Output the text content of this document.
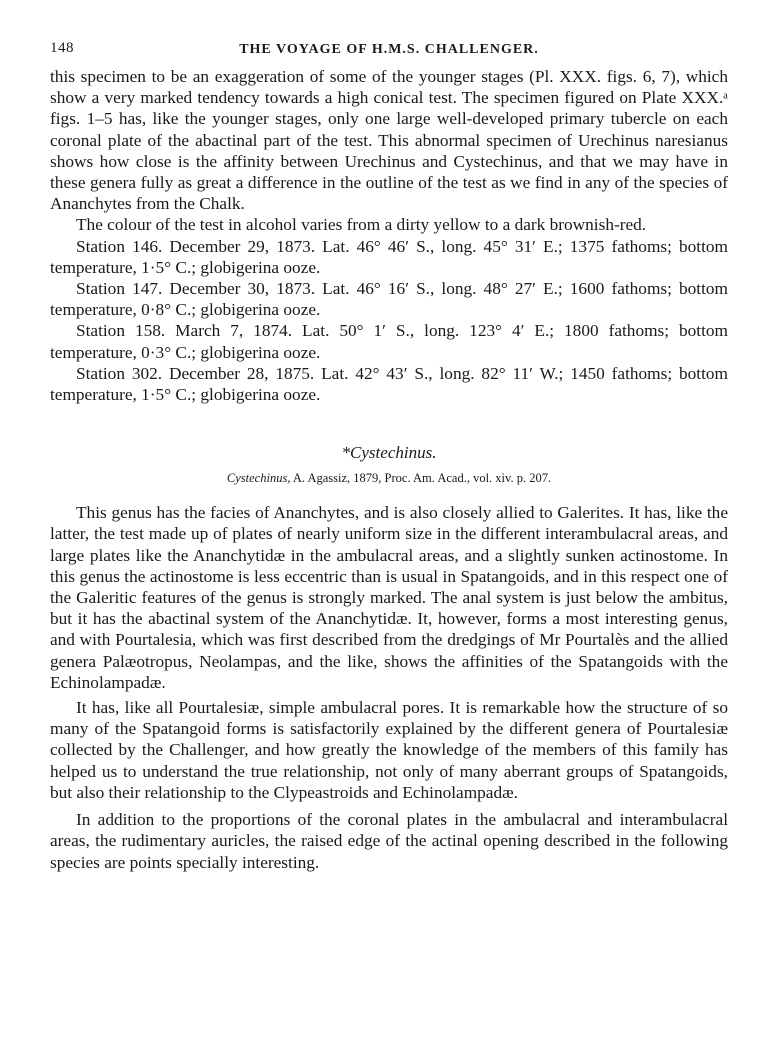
148	THE VOYAGE OF H.M.S. CHALLENGER.

this specimen to be an exaggeration of some of the younger stages (Pl. XXX. figs. 6, 7), which show a very marked tendency towards a high conical test. The specimen figured on Plate XXX.ᵃ figs. 1–5 has, like the younger stages, only one large well-developed primary tubercle on each coronal plate of the abactinal part of the test. This abnormal specimen of Urechinus naresianus shows how close is the affinity between Urechinus and Cystechinus, and that we may have in these genera fully as great a difference in the outline of the test as we find in any of the species of Ananchytes from the Chalk.

The colour of the test in alcohol varies from a dirty yellow to a dark brownish-red.

Station 146. December 29, 1873. Lat. 46° 46′ S., long. 45° 31′ E.; 1375 fathoms; bottom temperature, 1·5° C.; globigerina ooze.

Station 147. December 30, 1873. Lat. 46° 16′ S., long. 48° 27′ E.; 1600 fathoms; bottom temperature, 0·8° C.; globigerina ooze.

Station 158. March 7, 1874. Lat. 50° 1′ S., long. 123° 4′ E.; 1800 fathoms; bottom temperature, 0·3° C.; globigerina ooze.

Station 302. December 28, 1875. Lat. 42° 43′ S., long. 82° 11′ W.; 1450 fathoms; bottom temperature, 1·5° C.; globigerina ooze.

*Cystechinus.
Cystechinus, A. Agassiz, 1879, Proc. Am. Acad., vol. xiv. p. 207.

This genus has the facies of Ananchytes, and is also closely allied to Galerites. It has, like the latter, the test made up of plates of nearly uniform size in the different interambulacral areas, and large plates like the Ananchytidæ in the ambulacral areas, and a slightly sunken actinostome. In this genus the actinostome is less eccentric than is usual in Spatangoids, and in this respect one of the Galeritic features of the genus is strongly marked. The anal system is just below the ambitus, but it has the abactinal system of the Ananchytidæ. It, however, forms a most interesting genus, and with Pourtalesia, which was first described from the dredgings of Mr Pourtalès and the allied genera Palæotropus, Neolampas, and the like, shows the affinities of the Spatangoids with the Echinolampadæ.

It has, like all Pourtalesiæ, simple ambulacral pores. It is remarkable how the structure of so many of the Spatangoid forms is satisfactorily explained by the different genera of Pourtalesiæ collected by the Challenger, and how greatly the knowledge of the members of this family has helped us to understand the true relationship, not only of many aberrant groups of Spatangoids, but also their relationship to the Clypeastroids and Echinolampadæ.

In addition to the proportions of the coronal plates in the ambulacral and interambulacral areas, the rudimentary auricles, the raised edge of the actinal opening described in the following species are points specially interesting.
